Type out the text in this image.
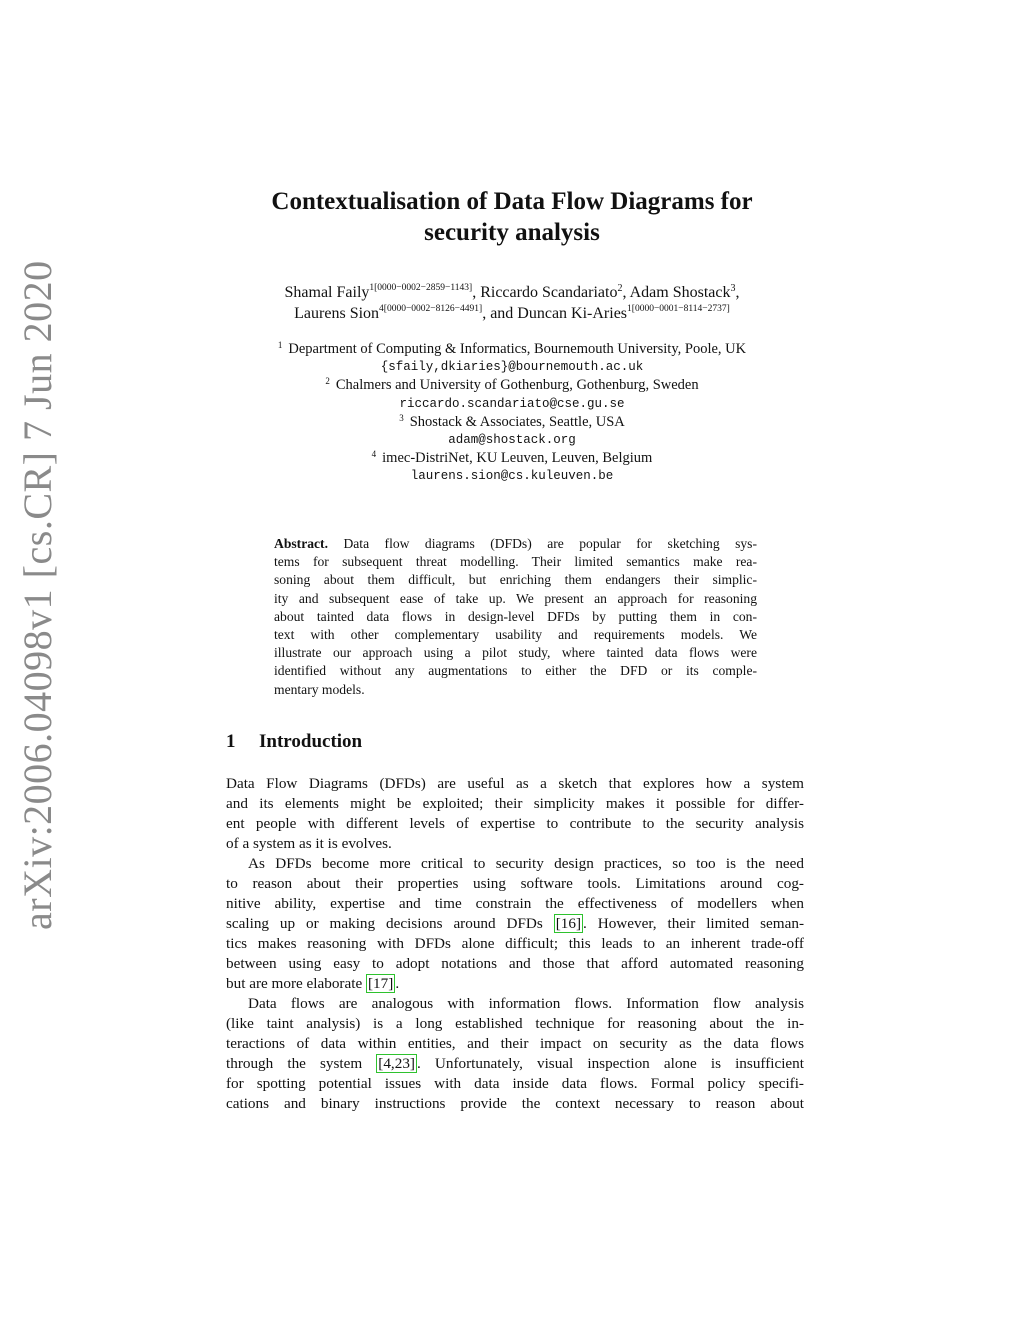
arXiv:2006.04098v1 [cs.CR] 7 Jun 2020
Contextualisation of Data Flow Diagrams for
security analysis
Shamal Faily$^{1[0000-0002-2859-1143]}$, Riccardo Scandariato$^2$, Adam Shostack$^3$,
Laurens Sion$^{4[0000-0002-8126-4491]}$, and Duncan Ki-Aries$^{1[0000-0001-8114-2737]}$
$^1$ Department of Computing & Informatics, Bournemouth University, Poole, UK
{sfaily,dkiaries}@bournemouth.ac.uk
$^2$ Chalmers and University of Gothenburg, Gothenburg, Sweden
riccardo.scandariato@cse.gu.se
$^3$ Shostack & Associates, Seattle, USA
adam@shostack.org
$^4$ imec-DistriNet, KU Leuven, Leuven, Belgium
laurens.sion@cs.kuleuven.be
Abstract. Data flow diagrams (DFDs) are popular for sketching sys-
tems for subsequent threat modelling. Their limited semantics make rea-
soning about them difficult, but enriching them endangers their simplic-
ity and subsequent ease of take up. We present an approach for reasoning
about tainted data flows in design-level DFDs by putting them in con-
text with other complementary usability and requirements models. We
illustrate our approach using a pilot study, where tainted data flows were
identified without any augmentations to either the DFD or its comple-
mentary models.
1 Introduction
Data Flow Diagrams (DFDs) are useful as a sketch that explores how a system
and its elements might be exploited; their simplicity makes it possible for differ-
ent people with different levels of expertise to contribute to the security analysis
of a system as it is evolves.
As DFDs become more critical to security design practices, so too is the need
to reason about their properties using software tools. Limitations around cog-
nitive ability, expertise and time constrain the effectiveness of modellers when
scaling up or making decisions around DFDs [16] . However, their limited seman-
tics makes reasoning with DFDs alone difficult; this leads to an inherent trade-off
between using easy to adopt notations and those that afford automated reasoning
but are more elaborate [17] .
Data flows are analogous with information flows. Information flow analysis
(like taint analysis) is a long established technique for reasoning about the in-
teractions of data within entities, and their impact on security as the data flows
through the system [4,23] . Unfortunately, visual inspection alone is insufficient
for spotting potential issues with data inside data flows. Formal policy specifi-
cations and binary instructions provide the context necessary to reason about
